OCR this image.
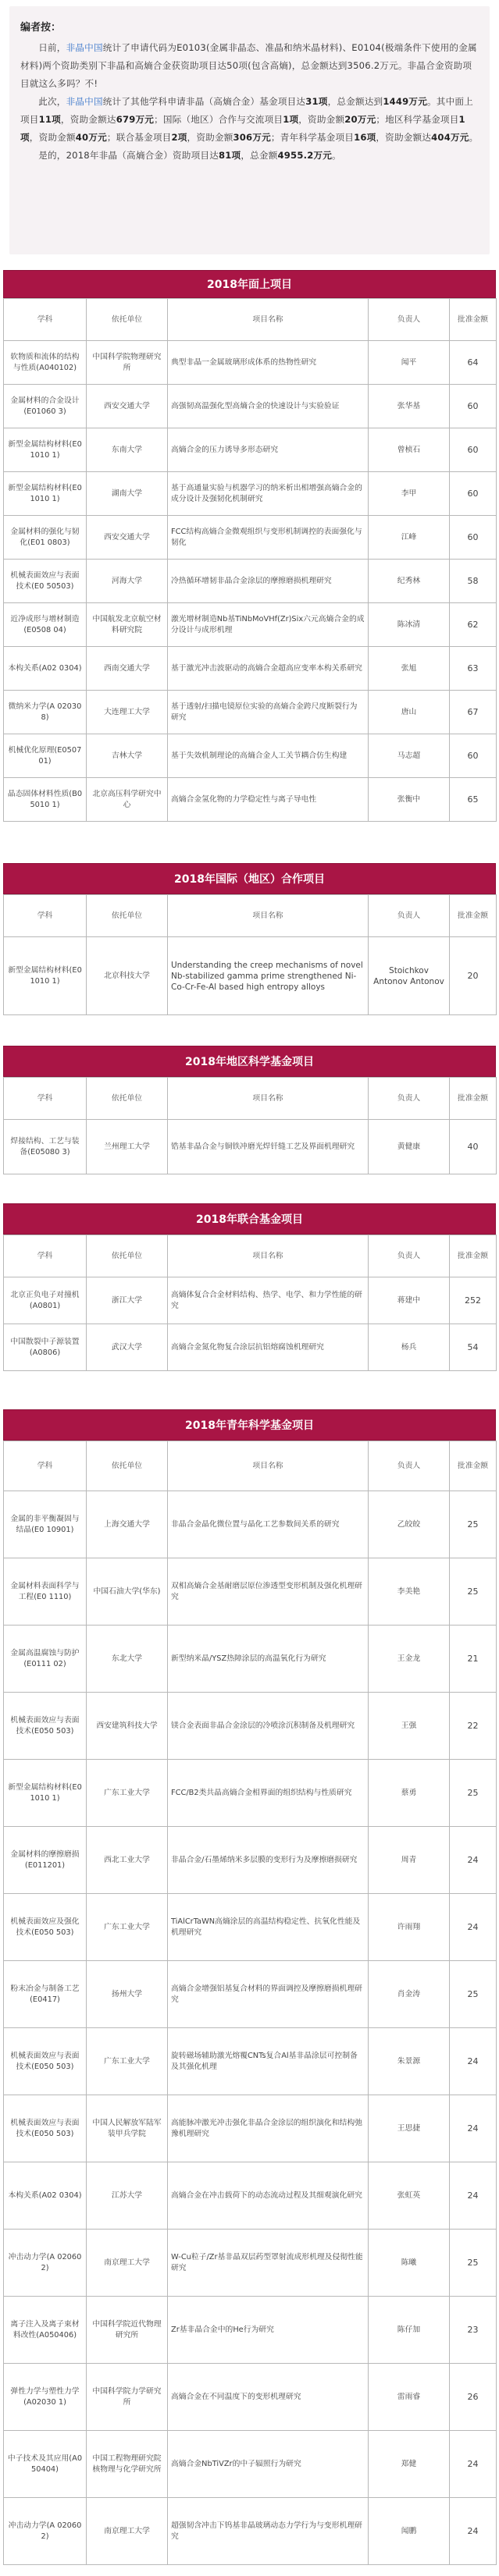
编者按：

日前，非晶中国统计了申请代码为E0103(金属非晶态、准晶和纳米晶材料)、E0104(极端条件下使用的金属材料)两个资助类别下非晶和高熵合金获资助项目达50项(包含高熵)，总金额达到3506.2万元。非晶合金资助项目就这么多吗？不!

此次，非晶中国统计了其他学科申请非晶（高熵合金）基金项目达31项，总金额达到1449万元。其中面上项目11项，资助金额达679万元；国际（地区）合作与交流项目1项，资助金额20万元；地区科学基金项目1项，资助金额40万元；联合基金项目2项，资助金额306万元；青年科学基金项目16项，资助金额达404万元。

是的，2018年非晶（高熵合金）资助项目达81项，总金额4955.2万元。

2018年面上项目
学科	依托单位	项目名称	负责人	批准金额
软物质和流体的结构与性质(A040102)	中国科学院物理研究所	典型非晶一金属玻璃形成体系的热物性研究	闻平	64
金属材料的合金设计(E01060 3)	西安交通大学	高强韧高温强化型高熵合金的快速设计与实验验证	张华基	60
新型金属结构材料(E01010 1)	东南大学	高熵合金的压力诱导多形态研究	曾桢石	60
新型金属结构材料(E01010 1)	湖南大学	基于高通量实验与机器学习的纳米析出相增强高熵合金的成分设计及强韧化机制研究	李甲	60
金属材料的强化与韧化(E01 0803)	西安交通大学	FCC结构高熵合金微观组织与变形机制调控的表面强化与韧化	江峰	60
机械表面效应与表面技术(E0 50503)	河海大学	冷热循环增韧非晶合金涂层的摩擦磨损机理研究	纪秀林	58
近净成形与增材制造(E0508 04)	中国航发北京航空材料研究院	激光增材制造Nb基TiNbMoVHf(Zr)Six六元高熵合金的成分设计与成形机理	陈冰清	62
本构关系(A02 0304)	西南交通大学	基于激光冲击波驱动的高熵合金超高应变率本构关系研究	张旭	63
微纳米力学(A 020308)	大连理工大学	基于透射/扫描电镜原位实验的高熵合金跨尺度断裂行为研究	唐山	67
机械优化原理(E050701)	吉林大学	基于失效机制理论的高熵合金人工关节耦合仿生构建	马志超	60
晶态固体材料性质(B05010 1)	北京高压科学研究中心	高熵合金氢化物的力学稳定性与离子导电性	张衡中	65
2018年国际（地区）合作项目
学科	依托单位	项目名称	负责人	批准金额
新型金属结构材料(E01010 1)	北京科技大学	Understanding the creep mechanisms of novel Nb-stabilized gamma prime strengthened Ni-Co-Cr-Fe-Al based high entropy alloys	Stoichkov Antonov Antonov	20
2018年地区科学基金项目
学科	依托单位	项目名称	负责人	批准金额
焊接结构、工艺与装备(E05080 3)	兰州理工大学	锆基非晶合金与铜铁冲磨光焊钎缝工艺及界面机理研究	黄健康	40
2018年联合基金项目
学科	依托单位	项目名称	负责人	批准金额
北京正负电子对撞机(A0801)	浙江大学	高熵体复合合金材料结构、热学、电学、和力学性能的研究	蒋建中	252
中国散裂中子源装置(A0806)	武汉大学	高熵合金氮化物复合涂层抗铝熔腐蚀机理研究	杨兵	54
2018年青年科学基金项目
学科	依托单位	项目名称	负责人	批准金额
金属的非平衡凝固与结晶(E0 10901)	上海交通大学	非晶合金晶化微位置与晶化工艺参数间关系的研究	乙皎皎	25
金属材料表面科学与工程(E0 1110)	中国石油大学(华东)	双相高熵合金基耐磨层原位渗透型变形机制及强化机理研究	李美艳	25
金属高温腐蚀与防护(E0111 02)	东北大学	新型纳米晶/YSZ热障涂层的高温氧化行为研究	王金龙	21
机械表面效应与表面技术(E050 503)	西安建筑科技大学	镁合金表面非晶合金涂层的冷喷涂沉积制备及机理研究	王强	22
新型金属结构材料(E01010 1)	广东工业大学	FCC/B2类共晶高熵合金相界面的组织结构与性质研究	蔡勇	25
金属材料的摩擦磨损(E011201)	西北工业大学	非晶合金/石墨烯纳米多层膜的变形行为及摩擦磨损研究	周青	24
机械表面效应及强化技术(E050 503)	广东工业大学	TiAlCrTaWN高熵涂层的高温结构稳定性、抗氧化性能及机理研究	许雨翔	24
粉末冶金与制备工艺(E0417)	扬州大学	高熵合金增强铝基复合材料的界面调控及摩擦磨损机理研究	肖金涛	25
机械表面效应与表面技术(E050 503)	广东工业大学	旋转磁场辅助激光熔覆CNTs复合Al基非晶涂层可控制备及其强化机理	朱景源	24
机械表面效应与表面技术(E050 503)	中国人民解放军陆军装甲兵学院	高能脉冲激光冲击强化非晶合金涂层的组织演化和结构弛豫机理研究	王思捷	24
本构关系(A02 0304)	江苏大学	高熵合金在冲击载荷下的动态流动过程及其细观演化研究	张虹英	24
冲击动力学(A 020602)	南京理工大学	W-Cu粒子/Zr基非晶双层药型罩射流成形机理及侵彻性能研究	陈曦	25
离子注入及离子束材料改性(A050406)	中国科学院近代物理研究所	Zr基非晶合金中的He行为研究	陈仔加	23
弹性力学与塑性力学(A02030 1)	中国科学院力学研究所	高熵合金在不同温度下的变形机理研究	雷雨睿	26
中子技术及其应用(A050404)	中国工程物理研究院核物理与化学研究所	高熵合金NbTiVZr的中子辐照行为研究	郑健	24
冲击动力学(A 020602)	南京理工大学	超强韧含冲击下钨基非晶玻璃动态力学行为与变形机理研究	闻鹏	24
